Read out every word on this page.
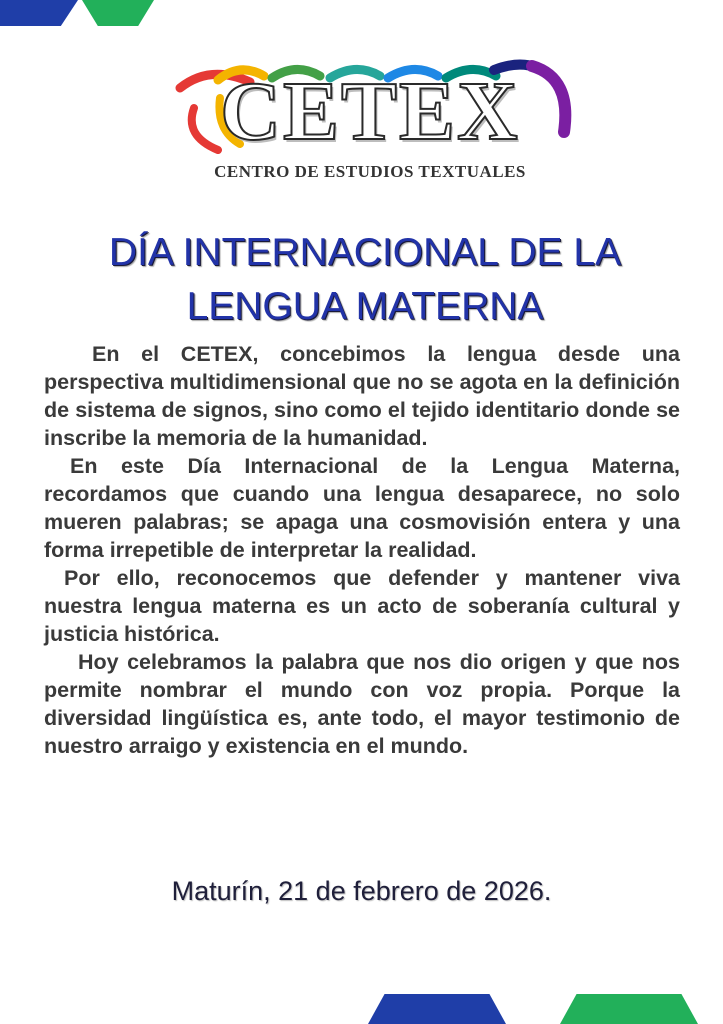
CETEX
CENTRO DE ESTUDIOS TEXTUALES
DÍA INTERNACIONAL DE LA
LENGUA MATERNA

En el CETEX, concebimos la lengua desde una perspectiva multidimensional que no se agota en la definición de sistema de signos, sino como el tejido identitario donde se inscribe la memoria de la humanidad.

En este Día Internacional de la Lengua Materna, recordamos que cuando una lengua desaparece, no solo mueren palabras; se apaga una cosmovisión entera y una forma irrepetible de interpretar la realidad.

Por ello, reconocemos que defender y mantener viva nuestra lengua materna es un acto de soberanía cultural y justicia histórica.

Hoy celebramos la palabra que nos dio origen y que nos permite nombrar el mundo con voz propia. Porque la diversidad lingüística es, ante todo, el mayor testimonio de nuestro arraigo y existencia en el mundo.

Maturín, 21 de febrero de 2026.
